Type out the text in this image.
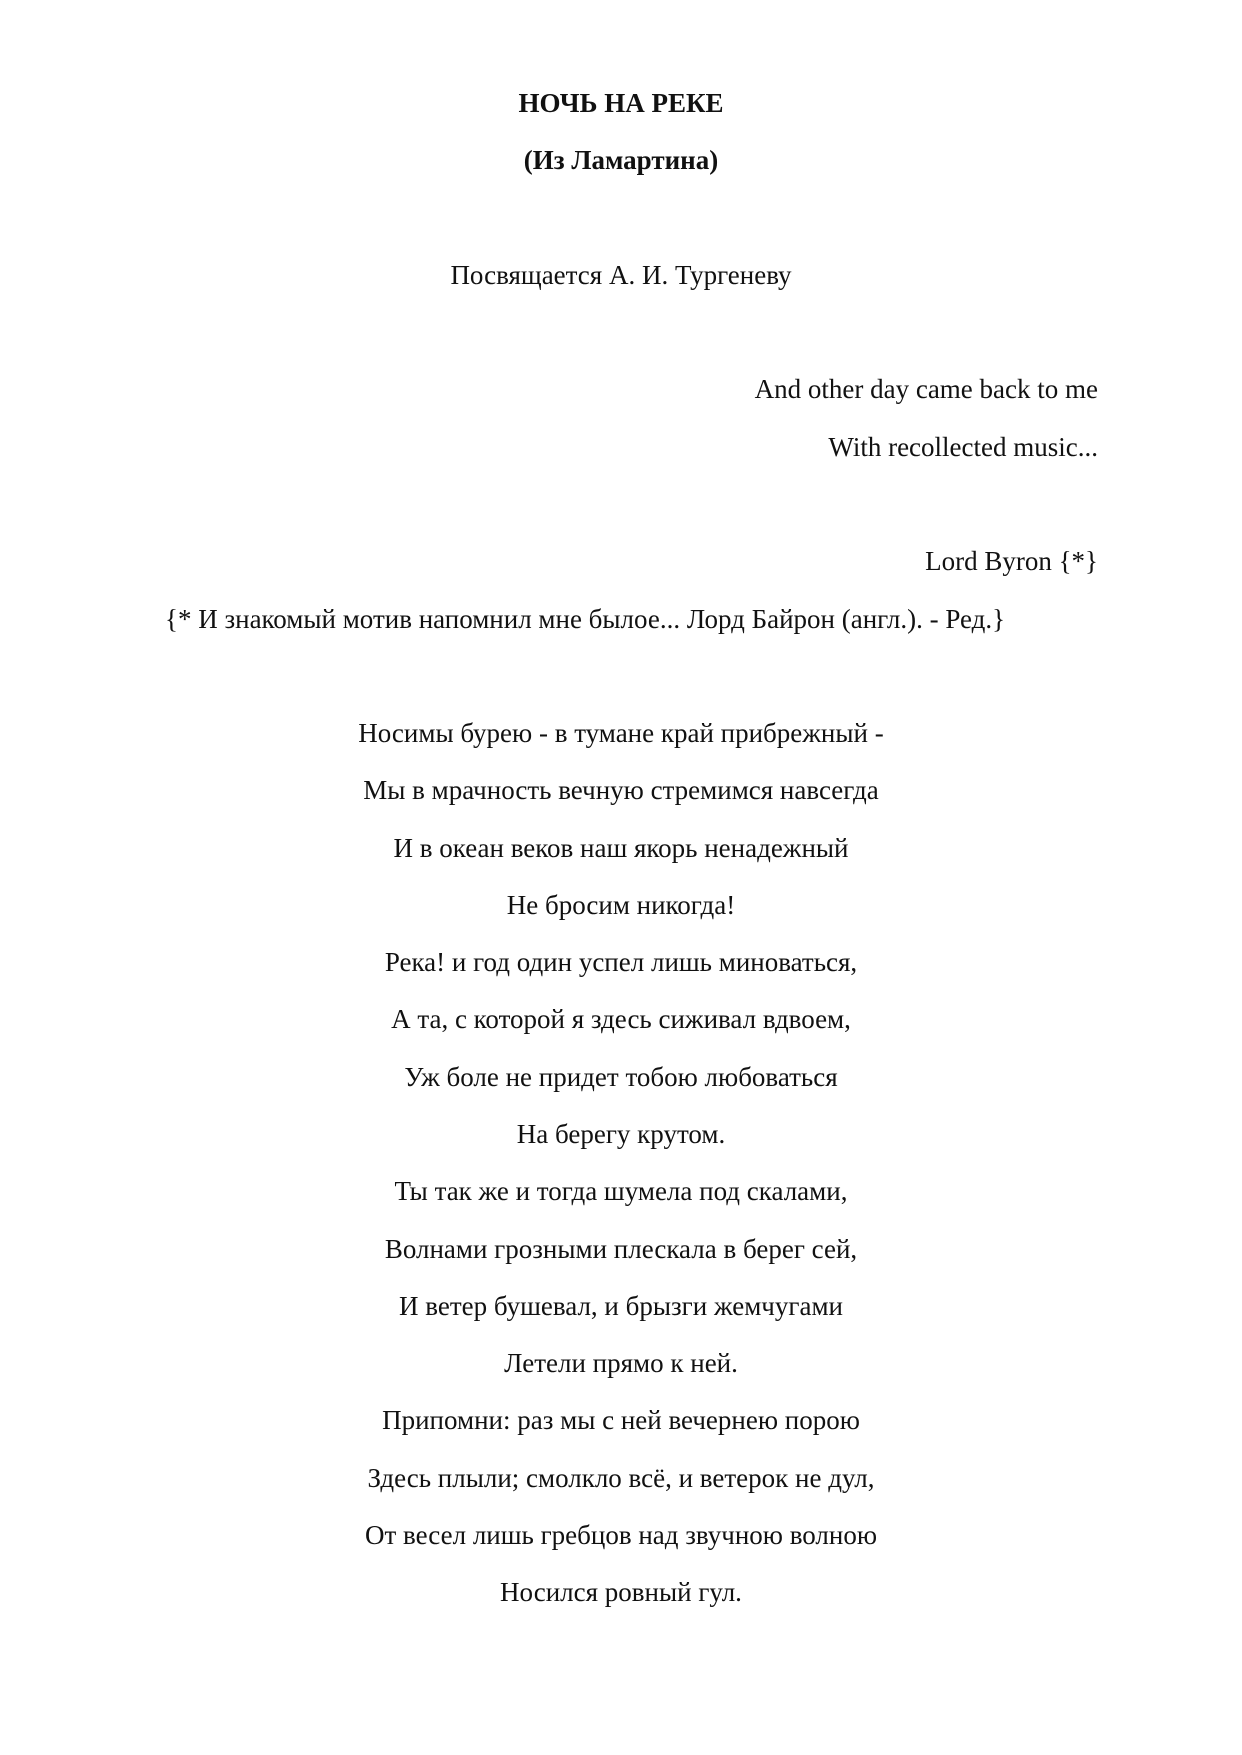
НОЧЬ НА РЕКЕ
(Из Ламартина)
Посвящается А. И. Тургеневу
And other day came back to me
With recollected music...
Lord Byron {*}
{* И знакомый мотив напомнил мне былое... Лорд Байрон (англ.). - Ред.}
Носимы бурею - в тумане край прибрежный -
Мы в мрачность вечную стремимся навсегда
И в океан веков наш якорь ненадежный
Не бросим никогда!
Река! и год один успел лишь миноваться,
А та, с которой я здесь сиживал вдвоем,
Уж боле не придет тобою любоваться
На берегу крутом.
Ты так же и тогда шумела под скалами,
Волнами грозными плескала в берег сей,
И ветер бушевал, и брызги жемчугами
Летели прямо к ней.
Припомни: раз мы с ней вечернею порою
Здесь плыли; смолкло всё, и ветерок не дул,
От весел лишь гребцов над звучною волною
Носился ровный гул.
